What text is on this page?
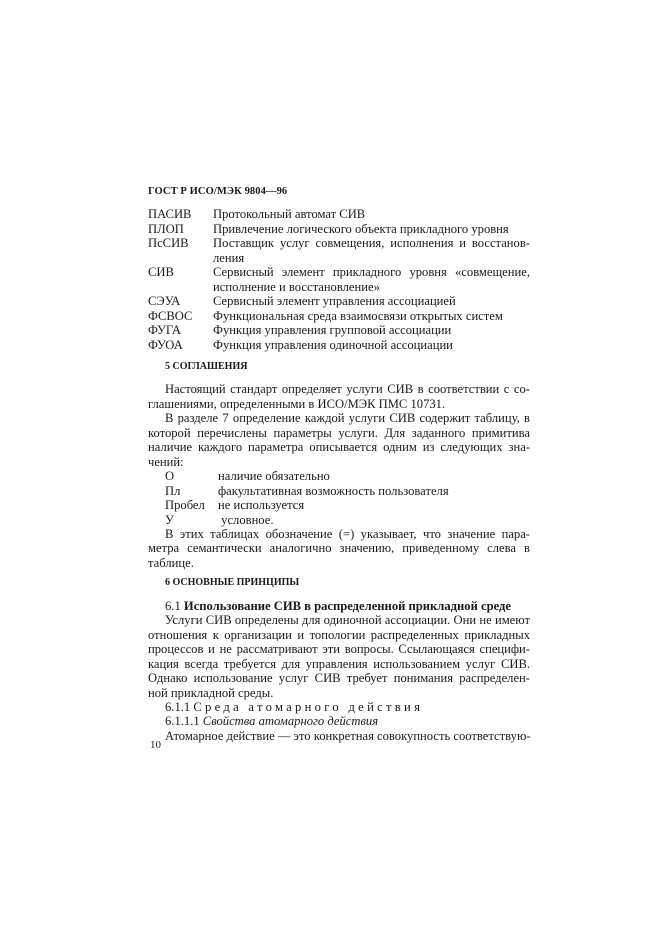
ГОСТ Р ИСО/МЭК 9804—96
ПАСИВ	Протокольный автомат СИВ
ПЛОП	Привлечение логического объекта прикладного уровня
ПсСИВ	Поставщик услуг совмещения, исполнения и восстанов-
ления
СИВ	Сервисный элемент прикладного уровня «совмещение,
исполнение и восстановление»
СЭУА	Сервисный элемент управления ассоциацией
ФСВОС	Функциональная среда взаимосвязи открытых систем
ФУГА	Функция управления групповой ассоциации
ФУОА	Функция управления одиночной ассоциации
5 СОГЛАШЕНИЯ
Настоящий стандарт определяет услуги СИВ в соответствии с со-
глашениями, определенными в ИСО/МЭК ПМС 10731.
В разделе 7 определение каждой услуги СИВ содержит таблицу, в
которой перечислены параметры услуги. Для заданного примитива
наличие каждого параметра описывается одним из следующих зна-
чений:
О	наличие обязательно
Пл	факультативная возможность пользователя
Пробел	не используется
У	условное.
В этих таблицах обозначение (=) указывает, что значение пара-
метра семантически аналогично значению, приведенному слева в
таблице.
6 ОСНОВНЫЕ ПРИНЦИПЫ
6.1 Использование СИВ в распределенной прикладной среде
Услуги СИВ определены для одиночной ассоциации. Они не имеют
отношения к организации и топологии распределенных прикладных
процессов и не рассматривают эти вопросы. Ссылающаяся специфи-
кация всегда требуется для управления использованием услуг СИВ.
Однако использование услуг СИВ требует понимания распределен-
ной прикладной среды.
6.1.1 Среда атомарного действия
6.1.1.1 Свойства атомарного действия
Атомарное действие — это конкретная совокупность соответствую-
10
